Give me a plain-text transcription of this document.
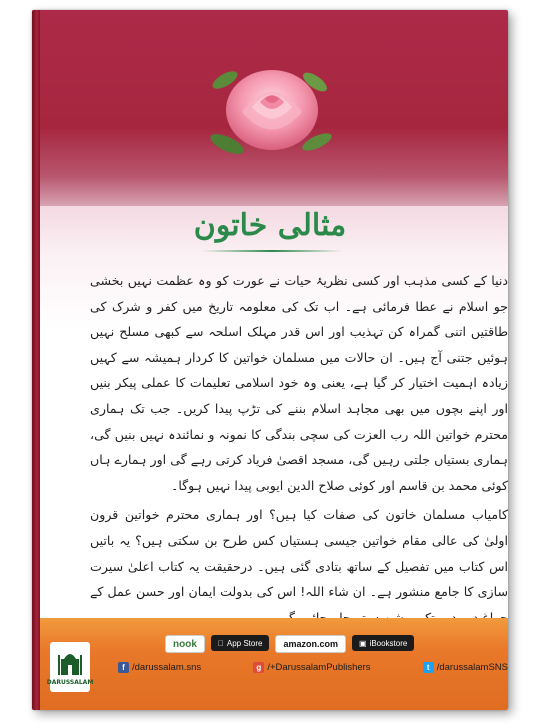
مثالی خاتون

دنیا کے کسی مذہب اور کسی نظریۂ حیات نے عورت کو وہ عظمت نہیں بخشی جو اسلام نے عطا فرمائی ہے۔ اب تک کی معلومہ تاریخ میں کفر و شرک کی طاقتیں اتنی گمراہ کن تہذیب اور اس قدر مہلک اسلحہ سے کبھی مسلح نہیں ہوئیں جتنی آج ہیں۔ ان حالات میں مسلمان خواتین کا کردار ہمیشہ سے کہیں زیادہ اہمیت اختیار کر گیا ہے، یعنی وہ خود اسلامی تعلیمات کا عملی پیکر بنیں اور اپنے بچوں میں بھی مجاہد اسلام بننے کی تڑپ پیدا کریں۔ جب تک ہماری محترم خواتین اللہ رب العزت کی سچی بندگی کا نمونہ و نمائندہ نہیں بنیں گی، ہماری بستیاں جلتی رہیں گی، مسجد اقصیٰ فریاد کرتی رہے گی اور ہمارے ہاں کوئی محمد بن قاسم اور کوئی صلاح الدین ایوبی پیدا نہیں ہوگا۔

کامیاب مسلمان خاتون کی صفات کیا ہیں؟ اور ہماری محترم خواتین قرون اولیٰ کی عالی مقام خواتین جیسی ہستیاں کس طرح بن سکتی ہیں؟ یہ باتیں اس کتاب میں تفصیل کے ساتھ بتادی گئی ہیں۔ درحقیقت یہ کتاب اعلیٰ سیرت سازی کا جامع منشور ہے۔ ان شاء اللہ! اس کی بدولت ایمان اور حسن عمل کے

DARUSSALAM
nook	App Store	amazon.com	▣ iBookstore
f /darussalam.sns	g /+DarussalamPublishers	t /darussalamSNS
